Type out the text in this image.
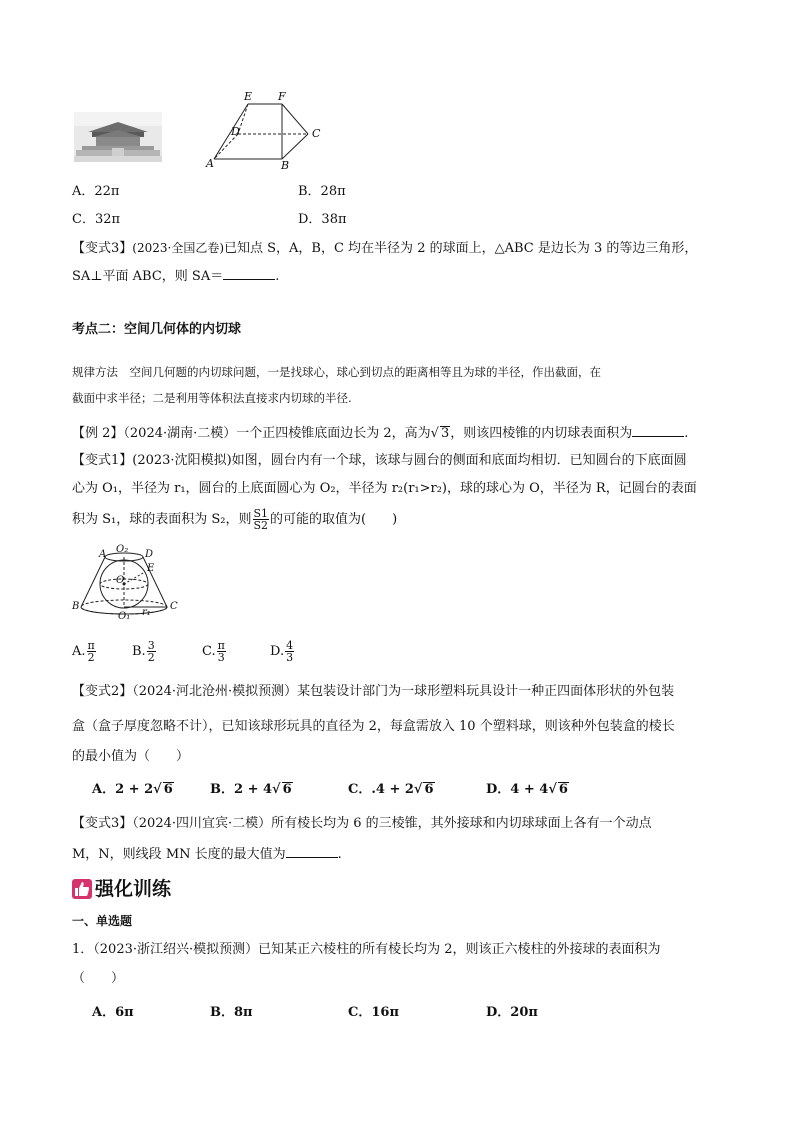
E F
D	C
A	B
A．22π	B．28π
C．32π	D．38π
【变式3】(2023·全国乙卷)已知点 S，A，B，C 均在半径为 2 的球面上，△ABC 是边长为 3 的等边三角形，
SA⊥平面 ABC，则 SA＝	.
考点二：空间几何体的内切球
规律方法　空间几何题的内切球问题，一是找球心，球心到切点的距离相等且为球的半径，作出截面，在
截面中求半径；二是利用等体积法直接求内切球的半径.
【例 2】（2024·湖南·二模）一个正四棱锥底面边长为 2，高为√ 3，则该四棱锥的内切球表面积为	.
【变式1】(2023·沈阳模拟)如图，圆台内有一个球，该球与圆台的侧面和底面均相切．已知圆台的下底面圆
心为 O₁，半径为 r₁，圆台的上底面圆心为 O₂，半径为 r₂(r₁>r₂)，球的球心为 O，半径为 R，记圆台的表面
积为 S₁，球的表面积为 S₂，则 $\frac{S1}{S2}$ 的可能的取值为(　　)
A O₂ D
E
O
B
r₁
C
O₁
A. $\frac{\pi}{2}$	B. $\frac{3}{2}$	C. $\frac{\pi}{3}$	D. $\frac{4}{3}$
【变式2】（2024·河北沧州·模拟预测）某包装设计部门为一球形塑料玩具设计一种正四面体形状的外包装
盒（盒子厚度忽略不计），已知该球形玩具的直径为 2，每盒需放入 10 个塑料球，则该种外包装盒的棱长
的最小值为（　　）
A．2 + 2√ 6	B．2 + 4√ 6	C．.4 + 2√ 6	D．4 + 4√ 6
【变式3】（2024·四川宜宾·二模）所有棱长均为 6 的三棱锥，其外接球和内切球球面上各有一个动点
M，N，则线段 MN 长度的最大值为	.
强化训练
一、单选题
1．（2023·浙江绍兴·模拟预测）已知某正六棱柱的所有棱长均为 2，则该正六棱柱的外接球的表面积为
（　　）
A．6π	B．8π	C．16π	D．20π
